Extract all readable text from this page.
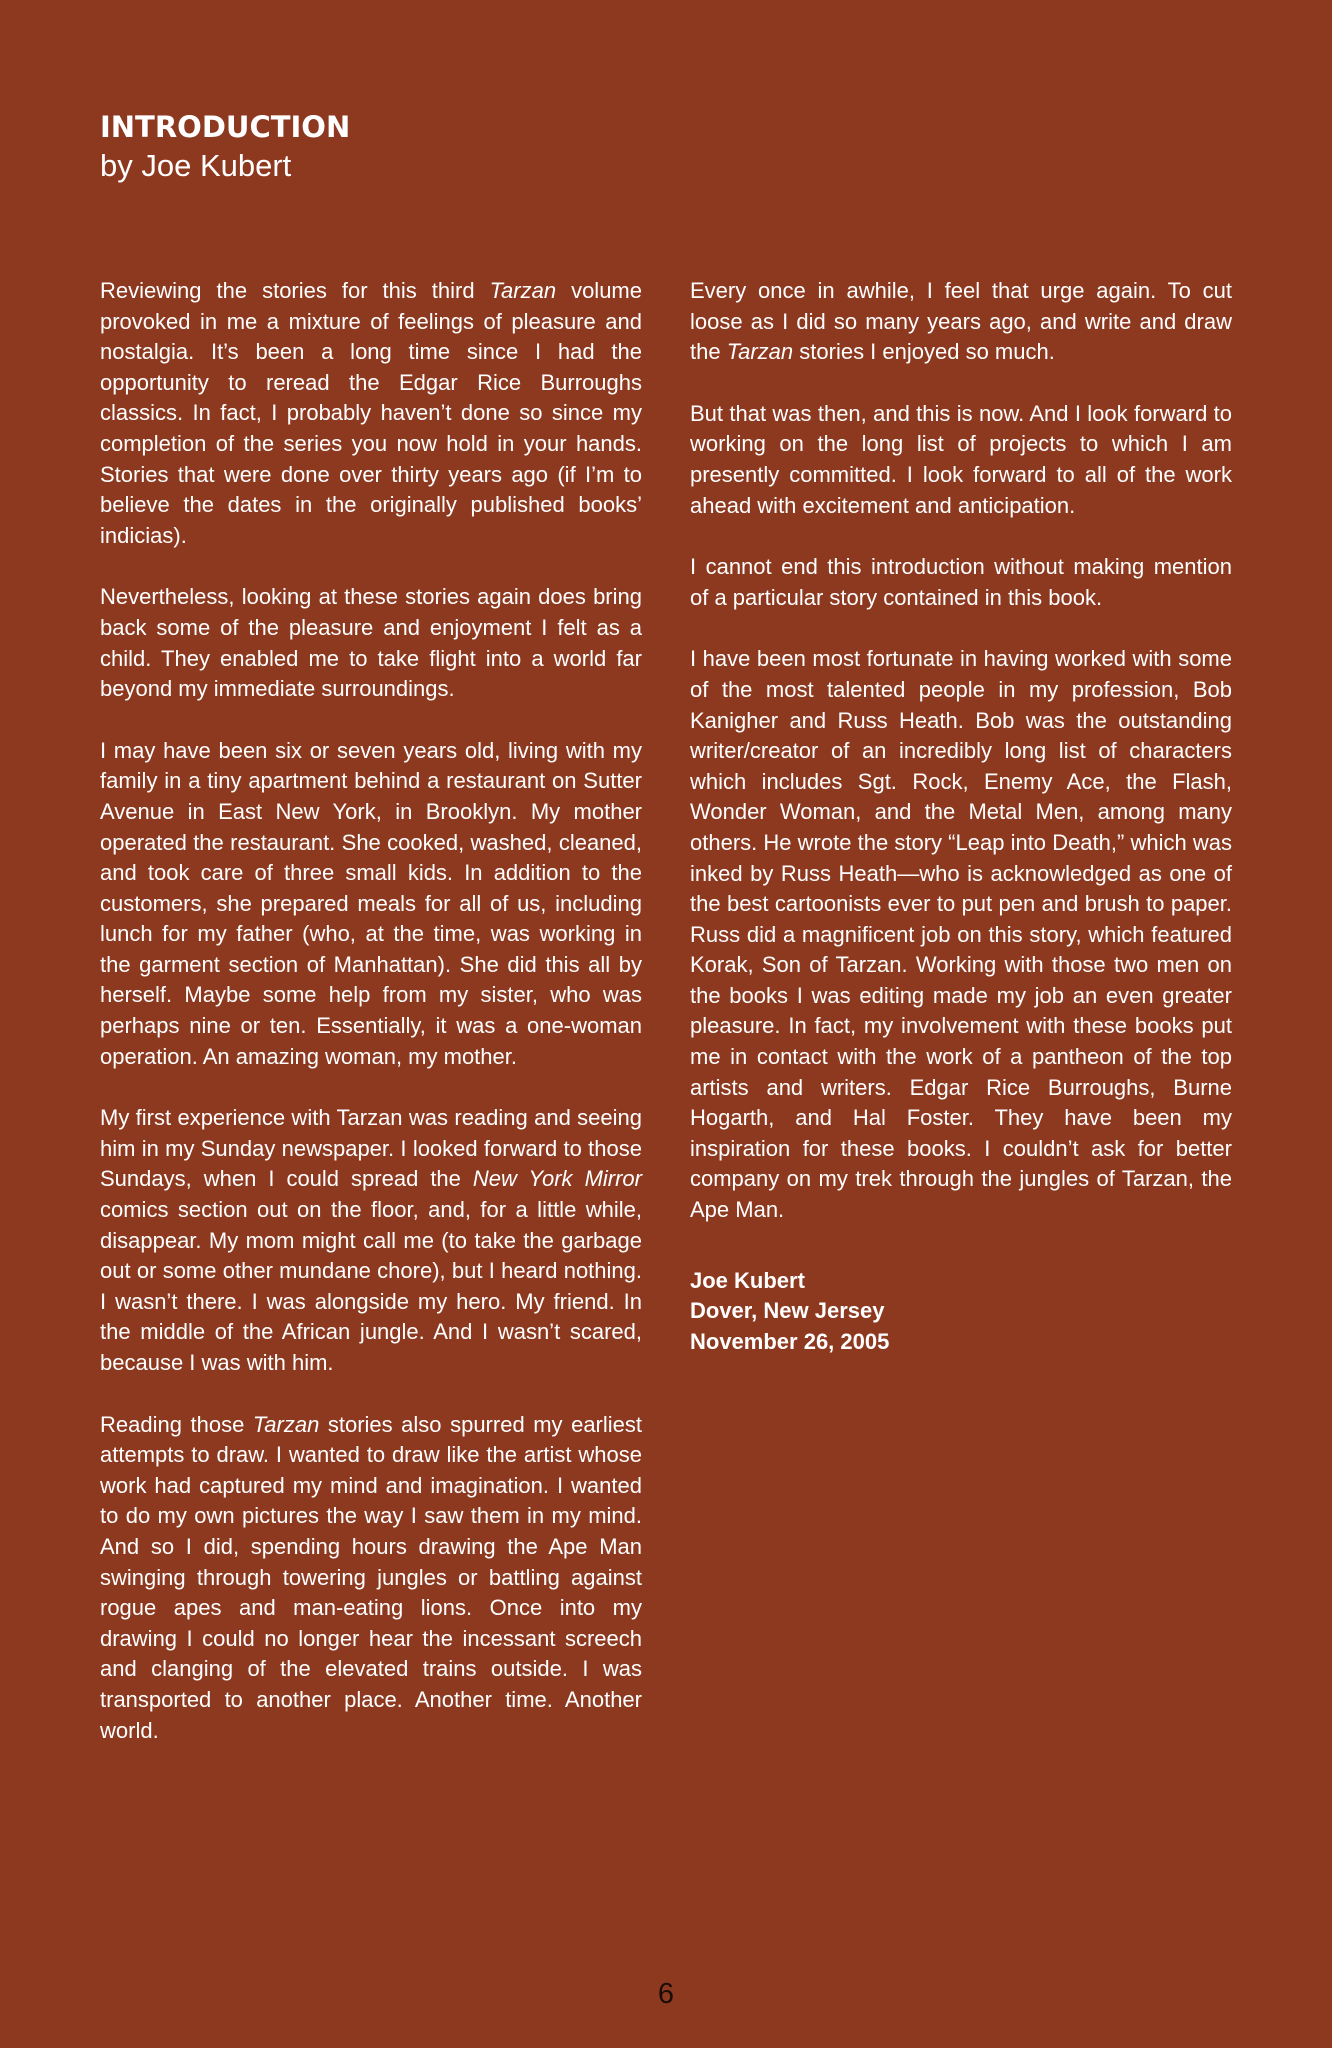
INTRODUCTION
by Joe Kubert

Reviewing the stories for this third Tarzan volume provoked in me a mixture of feelings of pleasure and nostalgia. It’s been a long time since I had the opportunity to reread the Edgar Rice Burroughs classics. In fact, I probably haven’t done so since my completion of the series you now hold in your hands. Stories that were done over thirty years ago (if I’m to believe the dates in the originally published books’ indicias).

Nevertheless, looking at these stories again does bring back some of the pleasure and enjoyment I felt as a child. They enabled me to take flight into a world far beyond my immediate surroundings.

I may have been six or seven years old, living with my family in a tiny apartment behind a restaurant on Sutter Avenue in East New York, in Brooklyn. My mother operated the restaurant. She cooked, washed, cleaned, and took care of three small kids. In addition to the customers, she prepared meals for all of us, including lunch for my father (who, at the time, was working in the garment section of Manhattan). She did this all by herself. Maybe some help from my sister, who was perhaps nine or ten. Essentially, it was a one-woman operation. An amazing woman, my mother.

My first experience with Tarzan was reading and seeing him in my Sunday newspaper. I looked forward to those Sundays, when I could spread the New York Mirror comics section out on the floor, and, for a little while, disappear. My mom might call me (to take the garbage out or some other mundane chore), but I heard nothing. I wasn’t there. I was alongside my hero. My friend. In the middle of the African jungle. And I wasn’t scared, because I was with him.

Reading those Tarzan stories also spurred my earliest attempts to draw. I wanted to draw like the artist whose work had captured my mind and imagination. I wanted to do my own pictures the way I saw them in my mind. And so I did, spending hours drawing the Ape Man swinging through towering jungles or battling against rogue apes and man-eating lions. Once into my drawing I could no longer hear the incessant screech and clanging of the elevated trains outside. I was transported to another place. Another time. Another world.

Every once in awhile, I feel that urge again. To cut loose as I did so many years ago, and write and draw the Tarzan stories I enjoyed so much.

But that was then, and this is now. And I look forward to working on the long list of projects to which I am presently committed. I look forward to all of the work ahead with excitement and anticipation.

I cannot end this introduction without making mention of a particular story contained in this book.

I have been most fortunate in having worked with some of the most talented people in my profession, Bob Kanigher and Russ Heath. Bob was the outstanding writer/creator of an incredibly long list of characters which includes Sgt. Rock, Enemy Ace, the Flash, Wonder Woman, and the Metal Men, among many others. He wrote the story “Leap into Death,” which was inked by Russ Heath—who is acknowledged as one of the best cartoonists ever to put pen and brush to paper. Russ did a magnificent job on this story, which featured Korak, Son of Tarzan. Working with those two men on the books I was editing made my job an even greater pleasure. In fact, my involvement with these books put me in contact with the work of a pantheon of the top artists and writers. Edgar Rice Burroughs, Burne Hogarth, and Hal Foster. They have been my inspiration for these books. I couldn’t ask for better company on my trek through the jungles of Tarzan, the Ape Man.

Joe Kubert
Dover, New Jersey
November 26, 2005
6
